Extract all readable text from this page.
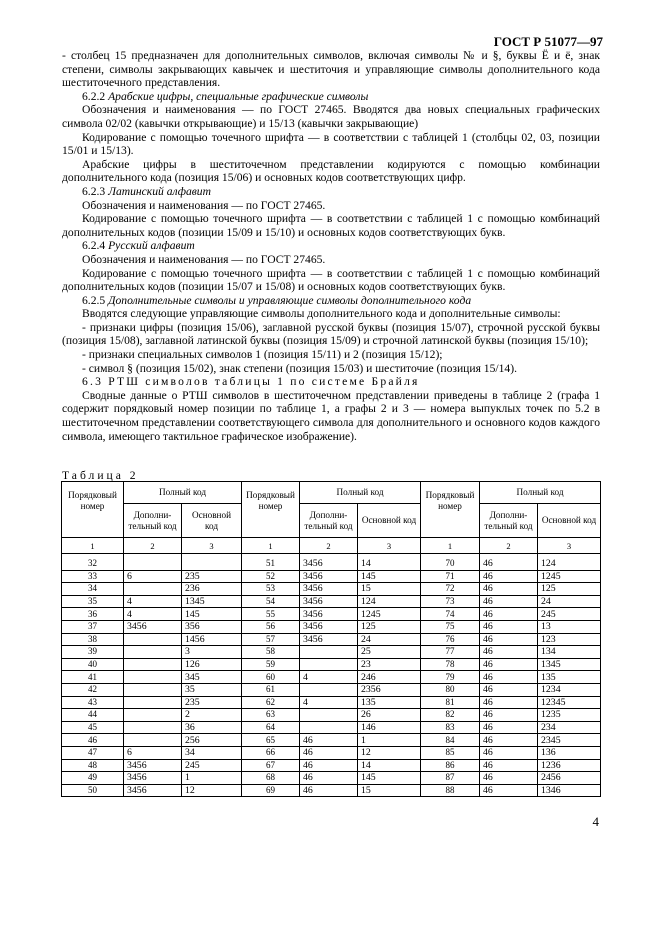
ГОСТ Р 51077—97

- столбец 15 предназначен для дополнительных символов, включая символы № и §, буквы Ё и ё, знак степени, символы закрывающих кавычек и шеститочия и управляющие символы дополнительного кода шеститочечного представления.

6.2.2 Арабские цифры, специальные графические символы

Обозначения и наименования — по ГОСТ 27465. Вводятся два новых специальных графических символа 02/02 (кавычки открывающие) и 15/13 (кавычки закрывающие)

Кодирование с помощью точечного шрифта — в соответствии с таблицей 1 (столбцы 02, 03, позиции 15/01 и 15/13).

Арабские цифры в шеститочечном представлении кодируются с помощью комбинации дополнительного кода (позиция 15/06) и основных кодов соответствующих цифр.

6.2.3 Латинский алфавит

Обозначения и наименования — по ГОСТ 27465.

Кодирование с помощью точечного шрифта — в соответствии с таблицей 1 с помощью комбинаций дополнительных кодов (позиции 15/09 и 15/10) и основных кодов соответствующих букв.

6.2.4 Русский алфавит

Обозначения и наименования — по ГОСТ 27465.

Кодирование с помощью точечного шрифта — в соответствии с таблицей 1 с помощью комбинаций дополнительных кодов (позиции 15/07 и 15/08) и основных кодов соответствующих букв.

6.2.5 Дополнительные символы и управляющие символы дополнительного кода

Вводятся следующие управляющие символы дополнительного кода и дополнительные символы:

- признаки цифры (позиция 15/06), заглавной русской буквы (позиция 15/07), строчной русской буквы (позиция 15/08), заглавной латинской буквы (позиция 15/09) и строчной латинской буквы (позиция 15/10);

- признаки специальных символов 1 (позиция 15/11) и 2 (позиция 15/12);

- символ § (позиция 15/02), знак степени (позиция 15/03) и шеститочие (позиция 15/14).

6.3 РТШ символов таблицы 1 по системе Брайля

Сводные данные о РТШ символов в шеститочечном представлении приведены в таблице 2 (графа 1 содержит порядковый номер позиции по таблице 1, а графы 2 и 3 — номера выпуклых точек по 5.2 в шеститочечном представлении соответствующего символа для дополнительного и основного кодов каждого символа, имеющего тактильное графическое изображение).

Таблица 2
Порядковый номер	Полный код		Порядковый номер	Полный код		Порядковый номер	Полный код	
	Дополни-тельный код	Основной код		Дополни-тельный код	Основной код		Дополни-тельный код	Основной код
1	2	3	1	2	3	1	2	3
32			51	3456	14	70	46	124
33	6	235	52	3456	145	71	46	1245
34		236	53	3456	15	72	46	125
35	4	1345	54	3456	124	73	46	24
36	4	145	55	3456	1245	74	46	245
37	3456	356	56	3456	125	75	46	13
38		1456	57	3456	24	76	46	123
39		3	58		25	77	46	134
40		126	59		23	78	46	1345
41		345	60	4	246	79	46	135
42		35	61		2356	80	46	1234
43		235	62	4	135	81	46	12345
44		2	63		26	82	46	1235
45		36	64		146	83	46	234
46		256	65	46	1	84	46	2345
47	6	34	66	46	12	85	46	136
48	3456	245	67	46	14	86	46	1236
49	3456	1	68	46	145	87	46	2456
50	3456	12	69	46	15	88	46	1346
4
